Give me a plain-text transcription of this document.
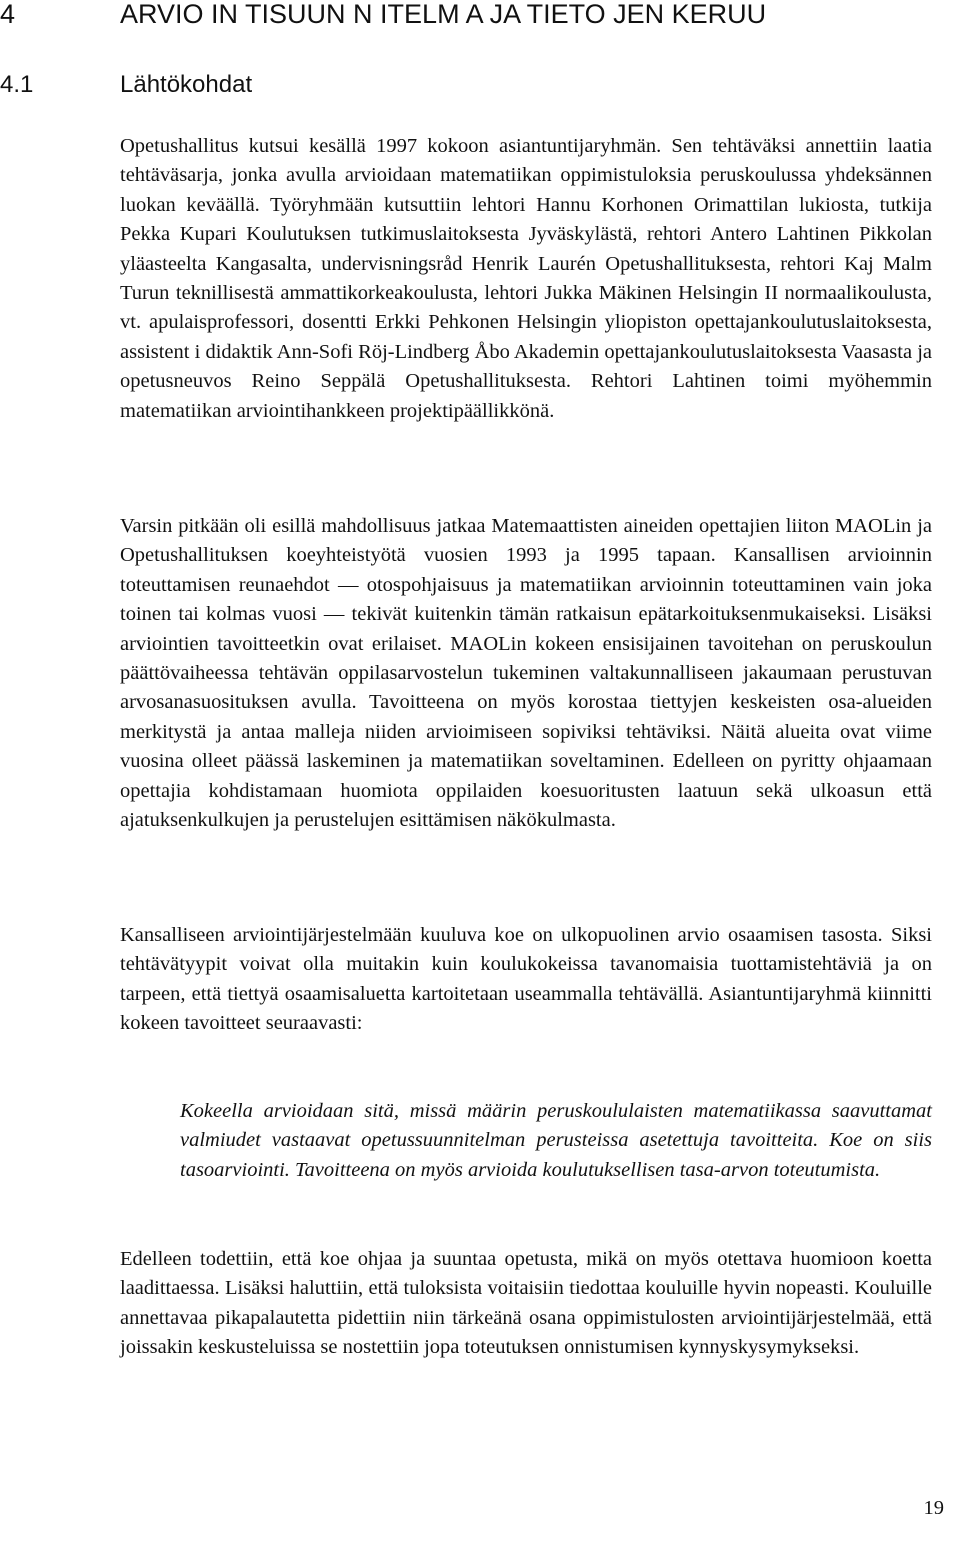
4	ARVIO IN TISUUN N ITELM A JA TIETO JEN KERUU
4.1	Lähtökohdat

Opetushallitus kutsui kesällä 1997 kokoon asiantuntijaryhmän. Sen tehtäväksi annettiin laatia tehtäväsarja, jonka avulla arvioidaan matematiikan oppimistuloksia peruskoulussa yhdeksännen luokan keväällä. Työryhmään kutsuttiin lehtori Hannu Korhonen Orimattilan lukiosta, tutkija Pekka Kupari Koulutuksen tutkimuslaitoksesta Jyväskylästä, rehtori Antero Lahtinen Pikkolan yläasteelta Kangasalta, undervisningsråd Henrik Laurén Opetushallituksesta, rehtori Kaj Malm Turun teknillisestä ammattikorkeakoulusta, lehtori Jukka Mäkinen Helsingin II normaalikoulusta, vt. apulaisprofessori, dosentti Erkki Pehkonen Helsingin yliopiston opettajankoulutuslaitoksesta, assistent i didaktik Ann-Sofi Röj-Lindberg Åbo Akademin opettajankoulutuslaitoksesta Vaasasta ja opetusneuvos Reino Seppälä Opetushallituksesta. Rehtori Lahtinen toimi myöhemmin matematiikan arviointihankkeen projektipäällikkönä.

Varsin pitkään oli esillä mahdollisuus jatkaa Matemaattisten aineiden opettajien liiton MAOLin ja Opetushallituksen koeyhteistyötä vuosien 1993 ja 1995 tapaan. Kansallisen arvioinnin toteuttamisen reunaehdot — otospohjaisuus ja matematiikan arvioinnin toteuttaminen vain joka toinen tai kolmas vuosi — tekivät kuitenkin tämän ratkaisun epätarkoituksenmukaiseksi. Lisäksi arviointien tavoitteetkin ovat erilaiset. MAOLin kokeen ensisijainen tavoitehan on peruskoulun päättövaiheessa tehtävän oppilasarvostelun tukeminen valtakunnalliseen jakaumaan perustuvan arvosanasuosituksen avulla. Tavoitteena on myös korostaa tiettyjen keskeisten osa-alueiden merkitystä ja antaa malleja niiden arvioimiseen sopiviksi tehtäviksi. Näitä alueita ovat viime vuosina olleet päässä laskeminen ja matematiikan soveltaminen. Edelleen on pyritty ohjaamaan opettajia kohdistamaan huomiota oppilaiden koesuoritusten laatuun sekä ulkoasun että ajatuksenkulkujen ja perustelujen esittämisen näkökulmasta.

Kansalliseen arviointijärjestelmään kuuluva koe on ulkopuolinen arvio osaamisen tasosta. Siksi tehtävätyypit voivat olla muitakin kuin koulukokeissa tavanomaisia tuottamistehtäviä ja on tarpeen, että tiettyä osaamisaluetta kartoitetaan useammalla tehtävällä. Asiantuntijaryhmä kiinnitti kokeen tavoitteet seuraavasti:

Kokeella arvioidaan sitä, missä määrin peruskoululaisten matematiikassa saavuttamat valmiudet vastaavat opetussuunnitelman perusteissa asetettuja tavoitteita. Koe on siis tasoarviointi. Tavoitteena on myös arvioida koulutuksellisen tasa-arvon toteutumista.

Edelleen todettiin, että koe ohjaa ja suuntaa opetusta, mikä on myös otettava huomioon koetta laadittaessa. Lisäksi haluttiin, että tuloksista voitaisiin tiedottaa kouluille hyvin nopeasti. Kouluille annettavaa pikapalautetta pidettiin niin tärkeänä osana oppimistulosten arviointijärjestelmää, että joissakin keskusteluissa se nostettiin jopa toteutuksen onnistumisen kynnyskysymykseksi.

19
